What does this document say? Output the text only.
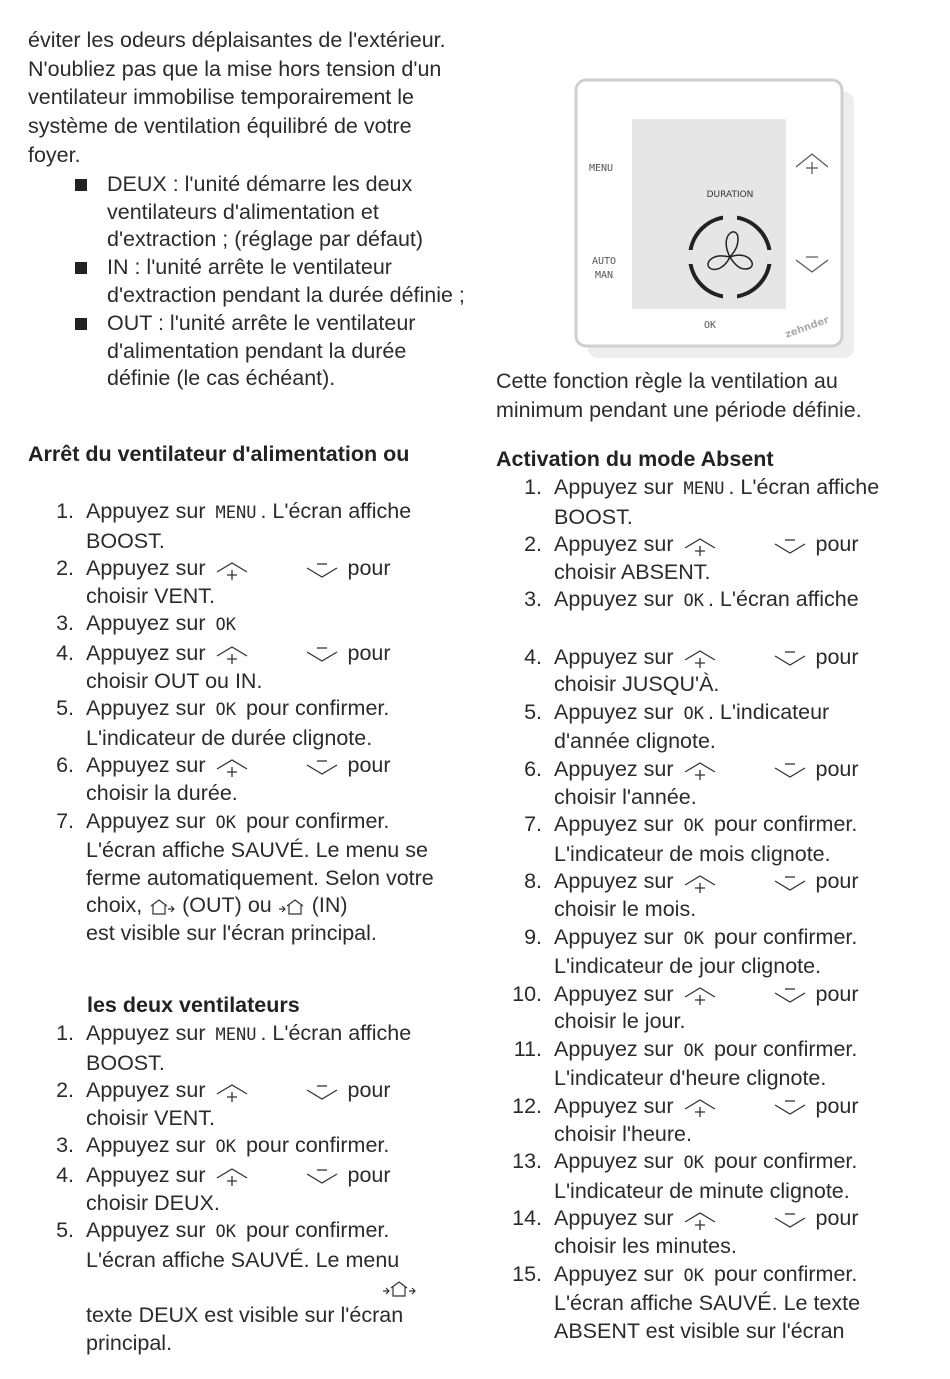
éviter les odeurs déplaisantes de l'extérieur. N'oubliez pas que la mise hors tension d'un ventilateur immobilise temporairement le système de ventilation équilibré de votre foyer.
DEUX : l'unité démarre les deux ventilateurs d'alimentation et d'extraction ; (réglage par défaut)
IN : l'unité arrête le ventilateur d'extraction pendant la durée définie ;
OUT : l'unité arrête le ventilateur d'alimentation pendant la durée définie (le cas échéant).
Arrêt du ventilateur d'alimentation ou
1. Appuyez sur MENU . L'écran affiche
BOOST.
2. Appuyez sur	pour
choisir VENT.
3. Appuyez sur OK
4. Appuyez sur	pour
choisir OUT ou IN.
5. Appuyez sur OK pour confirmer.
L'indicateur de durée clignote.
6. Appuyez sur	pour
choisir la durée.
7. Appuyez sur OK pour confirmer.
L'écran affiche SAUVÉ. Le menu se ferme automatiquement. Selon votre choix, (OUT) ou (IN)
est visible sur l'écran principal.
les deux ventilateurs
1. Appuyez sur MENU . L'écran affiche
BOOST.
2. Appuyez sur	pour
choisir VENT.
3. Appuyez sur OK pour confirmer.
4. Appuyez sur	pour
choisir DEUX.
5. Appuyez sur OK pour confirmer.
L'écran affiche SAUVÉ. Le menu

texte DEUX est visible sur l'écran principal.
MENU
DURATION
AUTO
MAN
OK	zehnder
Cette fonction règle la ventilation au minimum pendant une période définie.
Activation du mode Absent
1. Appuyez sur MENU . L'écran affiche
BOOST.
2. Appuyez sur	pour
choisir ABSENT.
3. Appuyez sur OK . L'écran affiche
4. Appuyez sur	pour
choisir JUSQU'À.
5. Appuyez sur OK . L'indicateur
d'année clignote.
6. Appuyez sur	pour
choisir l'année.
7. Appuyez sur OK pour confirmer.
L'indicateur de mois clignote.
8. Appuyez sur	pour
choisir le mois.
9. Appuyez sur OK pour confirmer.
L'indicateur de jour clignote.
10. Appuyez sur	pour
choisir le jour.
11. Appuyez sur OK pour confirmer.
L'indicateur d'heure clignote.
12. Appuyez sur	pour
choisir l'heure.
13. Appuyez sur OK pour confirmer.
L'indicateur de minute clignote.
14. Appuyez sur	pour
choisir les minutes.
15. Appuyez sur OK pour confirmer.
L'écran affiche SAUVÉ. Le texte ABSENT est visible sur l'écran
